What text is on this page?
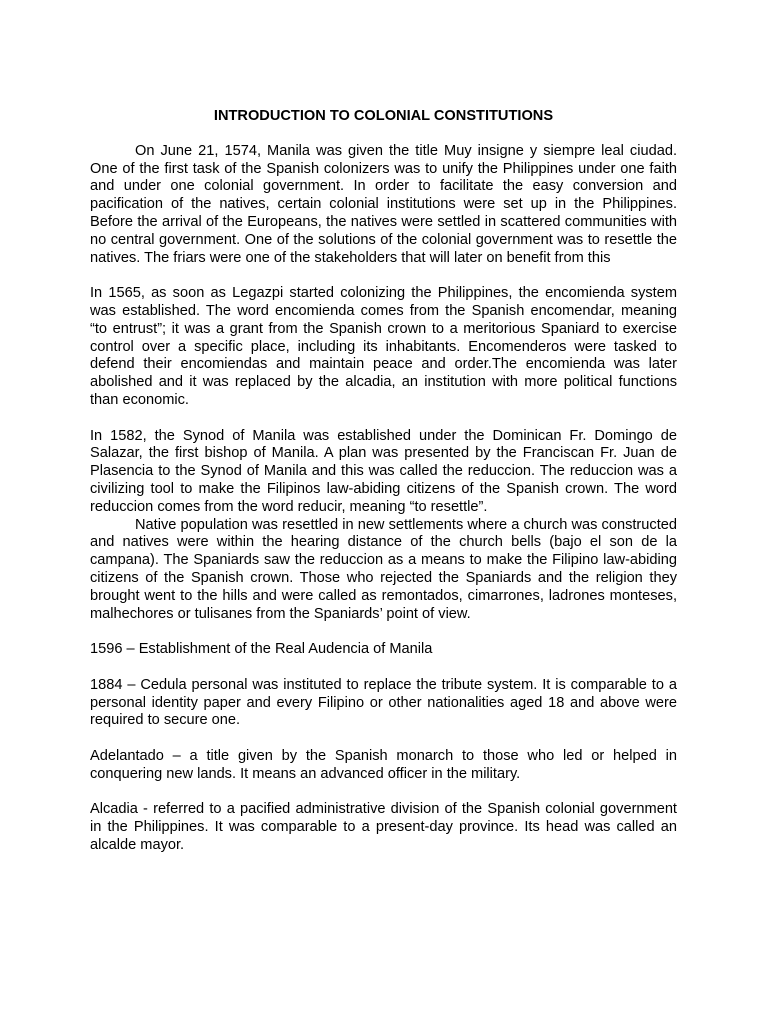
INTRODUCTION TO COLONIAL CONSTITUTIONS

On June 21, 1574, Manila was given the title Muy insigne y siempre leal ciudad. One of the first task of the Spanish colonizers was to unify the Philippines under one faith and under one colonial government. In order to facilitate the easy conversion and pacification of the natives, certain colonial institutions were set up in the Philippines. Before the arrival of the Europeans, the natives were settled in scattered communities with no central government. One of the solutions of the colonial government was to resettle the natives. The friars were one of the stakeholders that will later on benefit from this

In 1565, as soon as Legazpi started colonizing the Philippines, the encomienda system was established. The word encomienda comes from the Spanish encomendar, meaning “to entrust”; it was a grant from the Spanish crown to a meritorious Spaniard to exercise control over a specific place, including its inhabitants. Encomenderos were tasked to defend their encomiendas and maintain peace and order.The encomienda was later abolished and it was replaced by the alcadia, an institution with more political functions than economic.

In 1582, the Synod of Manila was established under the Dominican Fr. Domingo de Salazar, the first bishop of Manila. A plan was presented by the Franciscan Fr. Juan de Plasencia to the Synod of Manila and this was called the reduccion. The reduccion was a civilizing tool to make the Filipinos law-abiding citizens of the Spanish crown. The word reduccion comes from the word reducir, meaning “to resettle”.

Native population was resettled in new settlements where a church was constructed and natives were within the hearing distance of the church bells (bajo el son de la campana). The Spaniards saw the reduccion as a means to make the Filipino law-abiding citizens of the Spanish crown. Those who rejected the Spaniards and the religion they brought went to the hills and were called as remontados, cimarrones, ladrones monteses, malhechores or tulisanes from the Spaniards’ point of view.

1596 – Establishment of the Real Audencia of Manila

1884 – Cedula personal was instituted to replace the tribute system. It is comparable to a personal identity paper and every Filipino or other nationalities aged 18 and above were required to secure one.

Adelantado – a title given by the Spanish monarch to those who led or helped in conquering new lands. It means an advanced officer in the military.

Alcadia - referred to a pacified administrative division of the Spanish colonial government in the Philippines. It was comparable to a present-day province. Its head was called an alcalde mayor.
